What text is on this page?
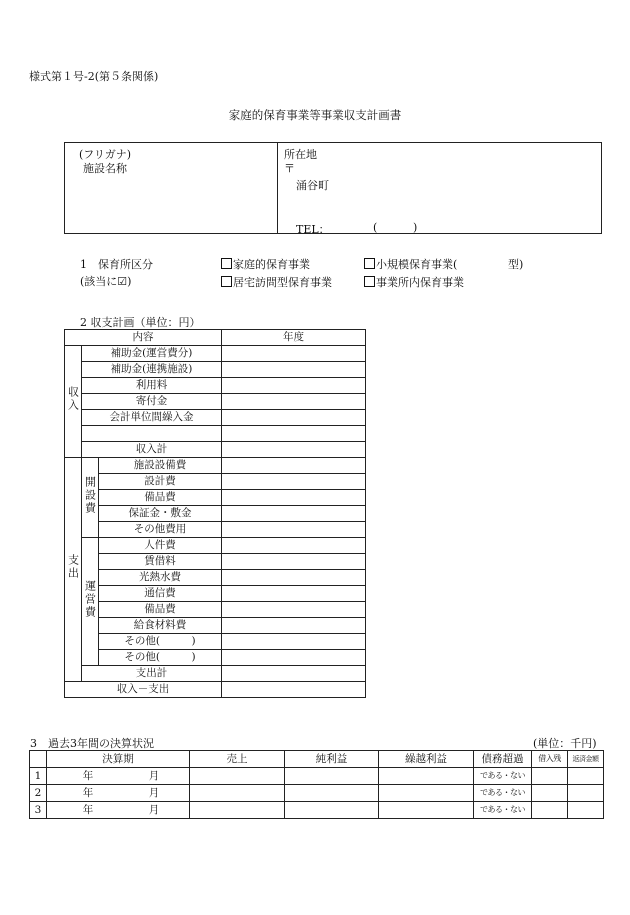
様式第１号-2(第５条関係)
家庭的保育事業等事業収支計画書
(フリガナ)
施設名称
所在地
〒
涌谷町
TEL：	(	)
1　保育所区分
(該当に☑)
家庭的保育事業	小規模保育事業(	型)
居宅訪問型保育事業	事業所内保育事業
2 収支計画（単位：円）
内容			年度
収入	補助金(運営費分)		
	補助金(連携施設)		
	利用料		
	寄付金		
	会計単位間繰入金		

	収入計		
支出	開設費	施設設備費	
		設計費	
		備品費	
		保証金・敷金	
		その他費用	
	運営費	人件費	
		賃借料	
		光熱水費	
		通信費	
		備品費	
		給食材料費	
		その他(　　　)	
		その他(　　　)	
	支出計		
収入－支出			
3　過去3年間の決算状況	(単位：千円)
	決算期	売上	純利益	繰越利益	債務超過	借入残	返済金額
1	年 月				である・ない		
2	年 月				である・ない		
3	年 月				である・ない		
